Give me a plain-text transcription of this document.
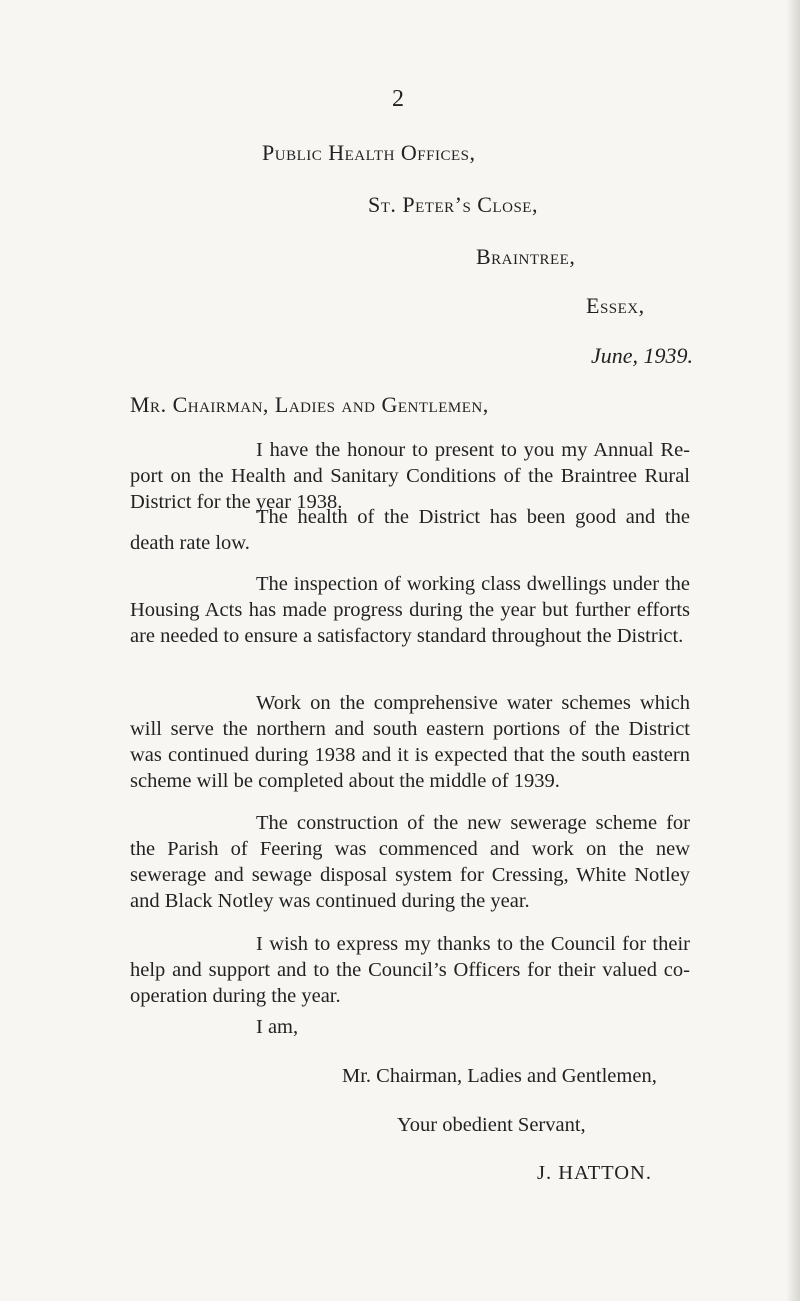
2
Public Health Offices,
St. Peter’s Close,
Braintree,
Essex,
June, 1939.
Mr. Chairman, Ladies and Gentlemen,

I have the honour to present to you my Annual Report on the Health and Sanitary Conditions of the Braintree Rural District for the year 1938.

The health of the District has been good and the death rate low.

The inspection of working class dwellings under the Housing Acts has made progress during the year but further efforts are needed to ensure a satisfactory standard throughout the District.

Work on the comprehensive water schemes which will serve the northern and south eastern portions of the District was continued during 1938 and it is expected that the south eastern scheme will be completed about the middle of 1939.

The construction of the new sewerage scheme for the Parish of Feering was commenced and work on the new sewerage and sewage disposal system for Cressing, White Notley and Black Notley was continued during the year.

I wish to express my thanks to the Council for their help and support and to the Council’s Officers for their valued co-operation during the year.

I am,
Mr. Chairman, Ladies and Gentlemen,
Your obedient Servant,
J. HATTON.
